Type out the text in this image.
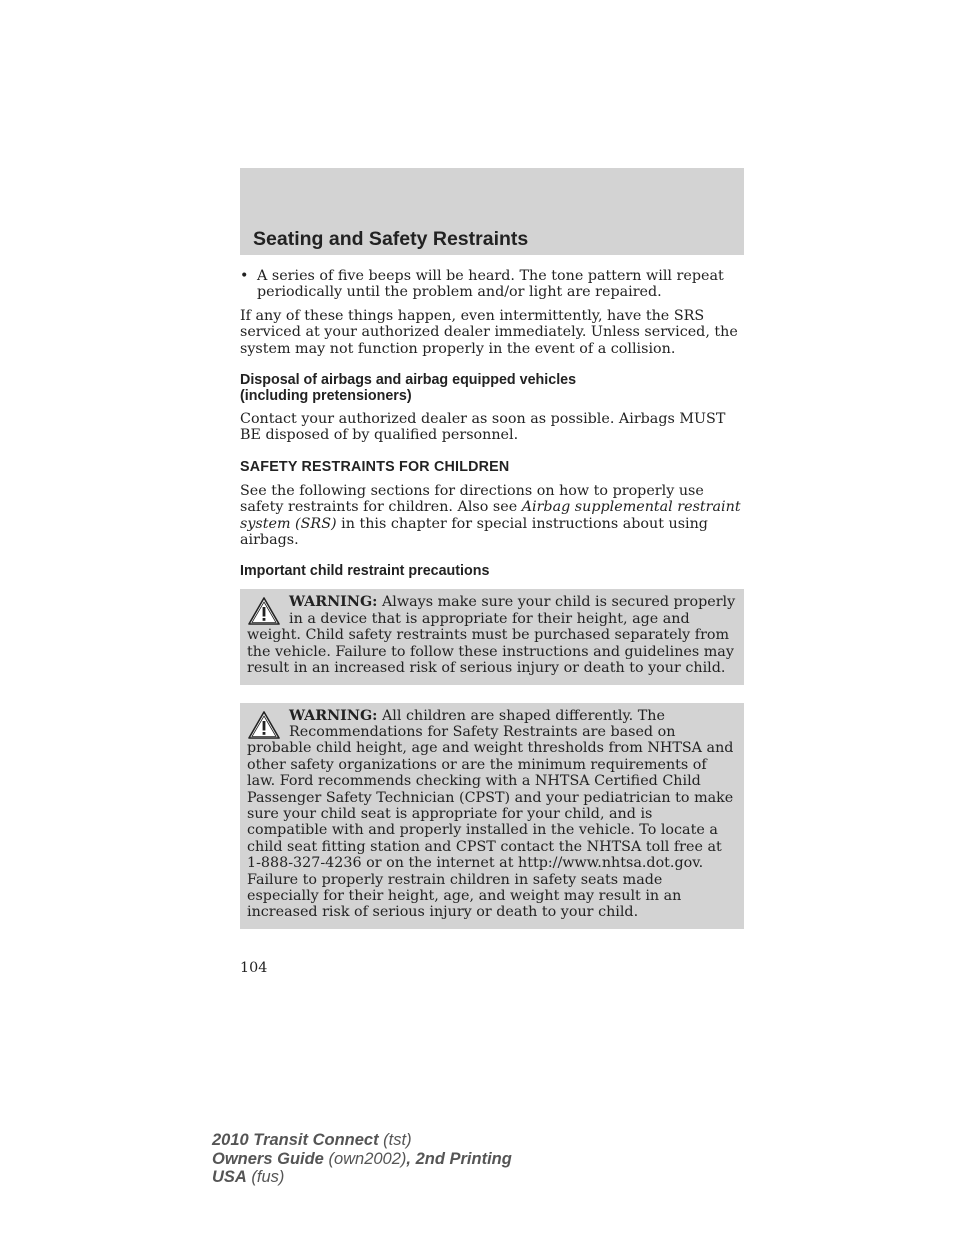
Seating and Safety Restraints
• A series of five beeps will be heard. The tone pattern will repeat periodically until the problem and/or light are repaired.

If any of these things happen, even intermittently, have the SRS serviced at your authorized dealer immediately. Unless serviced, the system may not function properly in the event of a collision.

Disposal of airbags and airbag equipped vehicles
(including pretensioners)

Contact your authorized dealer as soon as possible. Airbags MUST BE disposed of by qualified personnel.

SAFETY RESTRAINTS FOR CHILDREN

See the following sections for directions on how to properly use safety restraints for children. Also see Airbag supplemental restraint system (SRS) in this chapter for special instructions about using airbags.

Important child restraint precautions
WARNING: Always make sure your child is secured properly in a device that is appropriate for their height, age and weight. Child safety restraints must be purchased separately from the vehicle. Failure to follow these instructions and guidelines may result in an increased risk of serious injury or death to your child.
WARNING: All children are shaped differently. The Recommendations for Safety Restraints are based on probable child height, age and weight thresholds from NHTSA and other safety organizations or are the minimum requirements of law. Ford recommends checking with a NHTSA Certified Child Passenger Safety Technician (CPST) and your pediatrician to make sure your child seat is appropriate for your child, and is compatible with and properly installed in the vehicle. To locate a child seat fitting station and CPST contact the NHTSA toll free at 1-888-327-4236 or on the internet at http://www.nhtsa.dot.gov. Failure to properly restrain children in safety seats made especially for their height, age, and weight may result in an increased risk of serious injury or death to your child.
104
2010 Transit Connect (tst)
Owners Guide (own2002), 2nd Printing
USA (fus)
